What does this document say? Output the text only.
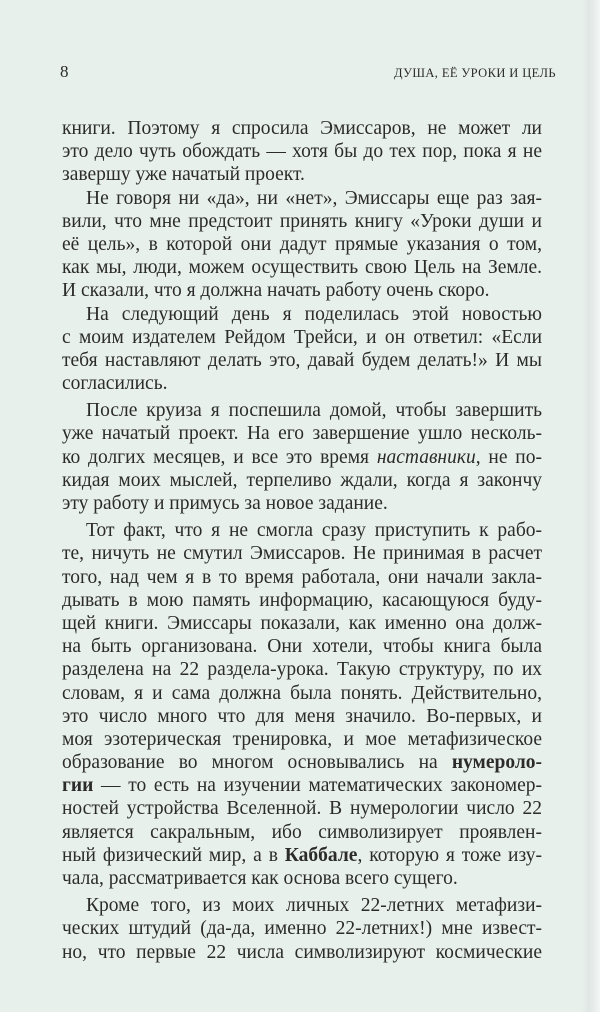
8	ДУША, ЕЁ УРОКИ И ЦЕЛЬ
книги. Поэтому я спросила Эмиссаров, не может ли
это дело чуть обождать — хотя бы до тех пор, пока я не
завершу уже начатый проект.
Не говоря ни «да», ни «нет», Эмиссары еще раз зая-
вили, что мне предстоит принять книгу «Уроки души и
её цель», в которой они дадут прямые указания о том,
как мы, люди, можем осуществить свою Цель на Земле.
И сказали, что я должна начать работу очень скоро.
На следующий день я поделилась этой новостью
с моим издателем Рейдом Трейси, и он ответил: «Если
тебя наставляют делать это, давай будем делать!» И мы
согласились.
После круиза я поспешила домой, чтобы завершить
уже начатый проект. На его завершение ушло несколь-
ко долгих месяцев, и все это время наставники, не по-
кидая моих мыслей, терпеливо ждали, когда я закончу
эту работу и примусь за новое задание.
Тот факт, что я не смогла сразу приступить к рабо-
те, ничуть не смутил Эмиссаров. Не принимая в расчет
того, над чем я в то время работала, они начали закла-
дывать в мою память информацию, касающуюся буду-
щей книги. Эмиссары показали, как именно она долж-
на быть организована. Они хотели, чтобы книга была
разделена на 22 раздела-урока. Такую структуру, по их
словам, я и сама должна была понять. Действительно,
это число много что для меня значило. Во-первых, и
моя эзотерическая тренировка, и мое метафизическое
образование во многом основывались на нумероло-
гии — то есть на изучении математических закономер-
ностей устройства Вселенной. В нумерологии число 22
является сакральным, ибо символизирует проявлен-
ный физический мир, а в Каббале, которую я тоже изу-
чала, рассматривается как основа всего сущего.
Кроме того, из моих личных 22-летних метафизи-
ческих штудий (да-да, именно 22-летних!) мне извест-
но, что первые 22 числа символизируют космические
